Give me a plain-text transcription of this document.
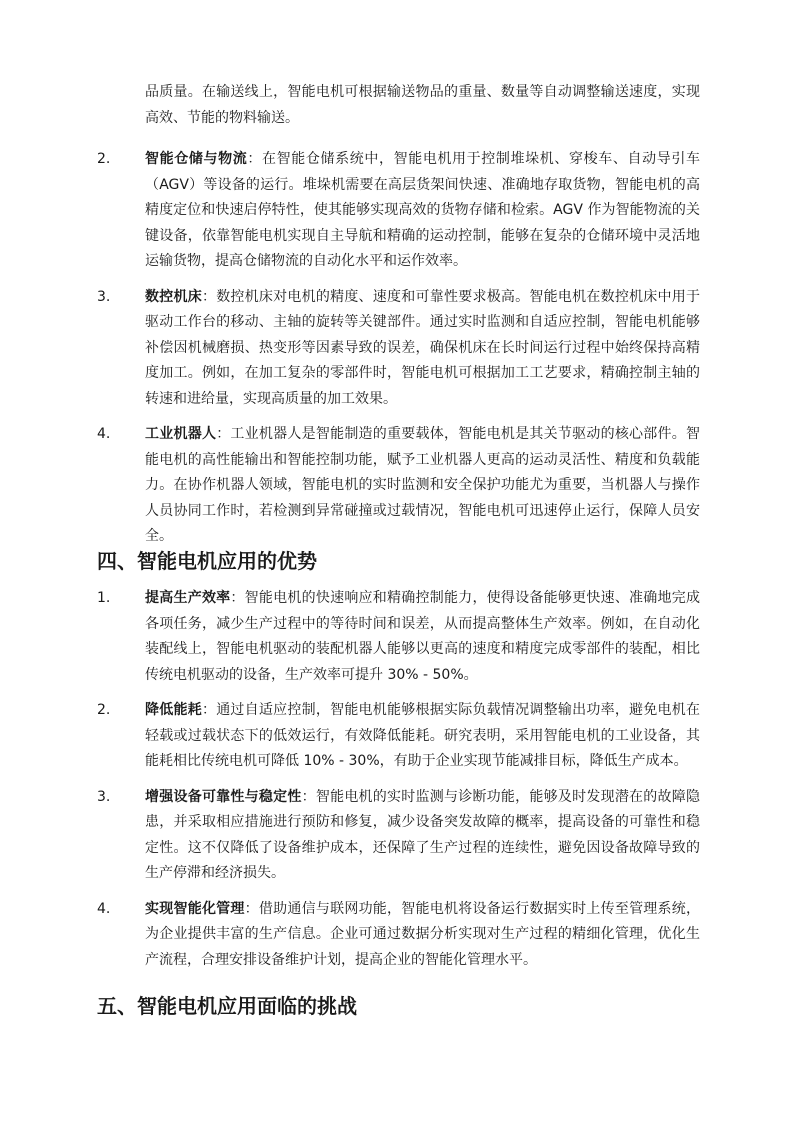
品质量。在输送线上，智能电机可根据输送物品的重量、数量等自动调整输送速度，实现高效、节能的物料输送。

2. 智能仓储与物流：在智能仓储系统中，智能电机用于控制堆垛机、穿梭车、自动导引车（AGV）等设备的运行。堆垛机需要在高层货架间快速、准确地存取货物，智能电机的高精度定位和快速启停特性，使其能够实现高效的货物存储和检索。AGV 作为智能物流的关键设备，依靠智能电机实现自主导航和精确的运动控制，能够在复杂的仓储环境中灵活地运输货物，提高仓储物流的自动化水平和运作效率。
3. 数控机床：数控机床对电机的精度、速度和可靠性要求极高。智能电机在数控机床中用于驱动工作台的移动、主轴的旋转等关键部件。通过实时监测和自适应控制，智能电机能够补偿因机械磨损、热变形等因素导致的误差，确保机床在长时间运行过程中始终保持高精度加工。例如，在加工复杂的零部件时，智能电机可根据加工工艺要求，精确控制主轴的转速和进给量，实现高质量的加工效果。
4. 工业机器人：工业机器人是智能制造的重要载体，智能电机是其关节驱动的核心部件。智能电机的高性能输出和智能控制功能，赋予工业机器人更高的运动灵活性、精度和负载能力。在协作机器人领域，智能电机的实时监测和安全保护功能尤为重要，当机器人与操作人员协同工作时，若检测到异常碰撞或过载情况，智能电机可迅速停止运行，保障人员安全。
四、智能电机应用的优势
1. 提高生产效率：智能电机的快速响应和精确控制能力，使得设备能够更快速、准确地完成各项任务，减少生产过程中的等待时间和误差，从而提高整体生产效率。例如，在自动化装配线上，智能电机驱动的装配机器人能够以更高的速度和精度完成零部件的装配，相比传统电机驱动的设备，生产效率可提升 30% - 50%。
2. 降低能耗：通过自适应控制，智能电机能够根据实际负载情况调整输出功率，避免电机在轻载或过载状态下的低效运行，有效降低能耗。研究表明，采用智能电机的工业设备，其能耗相比传统电机可降低 10% - 30%，有助于企业实现节能减排目标，降低生产成本。
3. 增强设备可靠性与稳定性：智能电机的实时监测与诊断功能，能够及时发现潜在的故障隐患，并采取相应措施进行预防和修复，减少设备突发故障的概率，提高设备的可靠性和稳定性。这不仅降低了设备维护成本，还保障了生产过程的连续性，避免因设备故障导致的生产停滞和经济损失。
4. 实现智能化管理：借助通信与联网功能，智能电机将设备运行数据实时上传至管理系统，为企业提供丰富的生产信息。企业可通过数据分析实现对生产过程的精细化管理，优化生产流程，合理安排设备维护计划，提高企业的智能化管理水平。
五、智能电机应用面临的挑战
